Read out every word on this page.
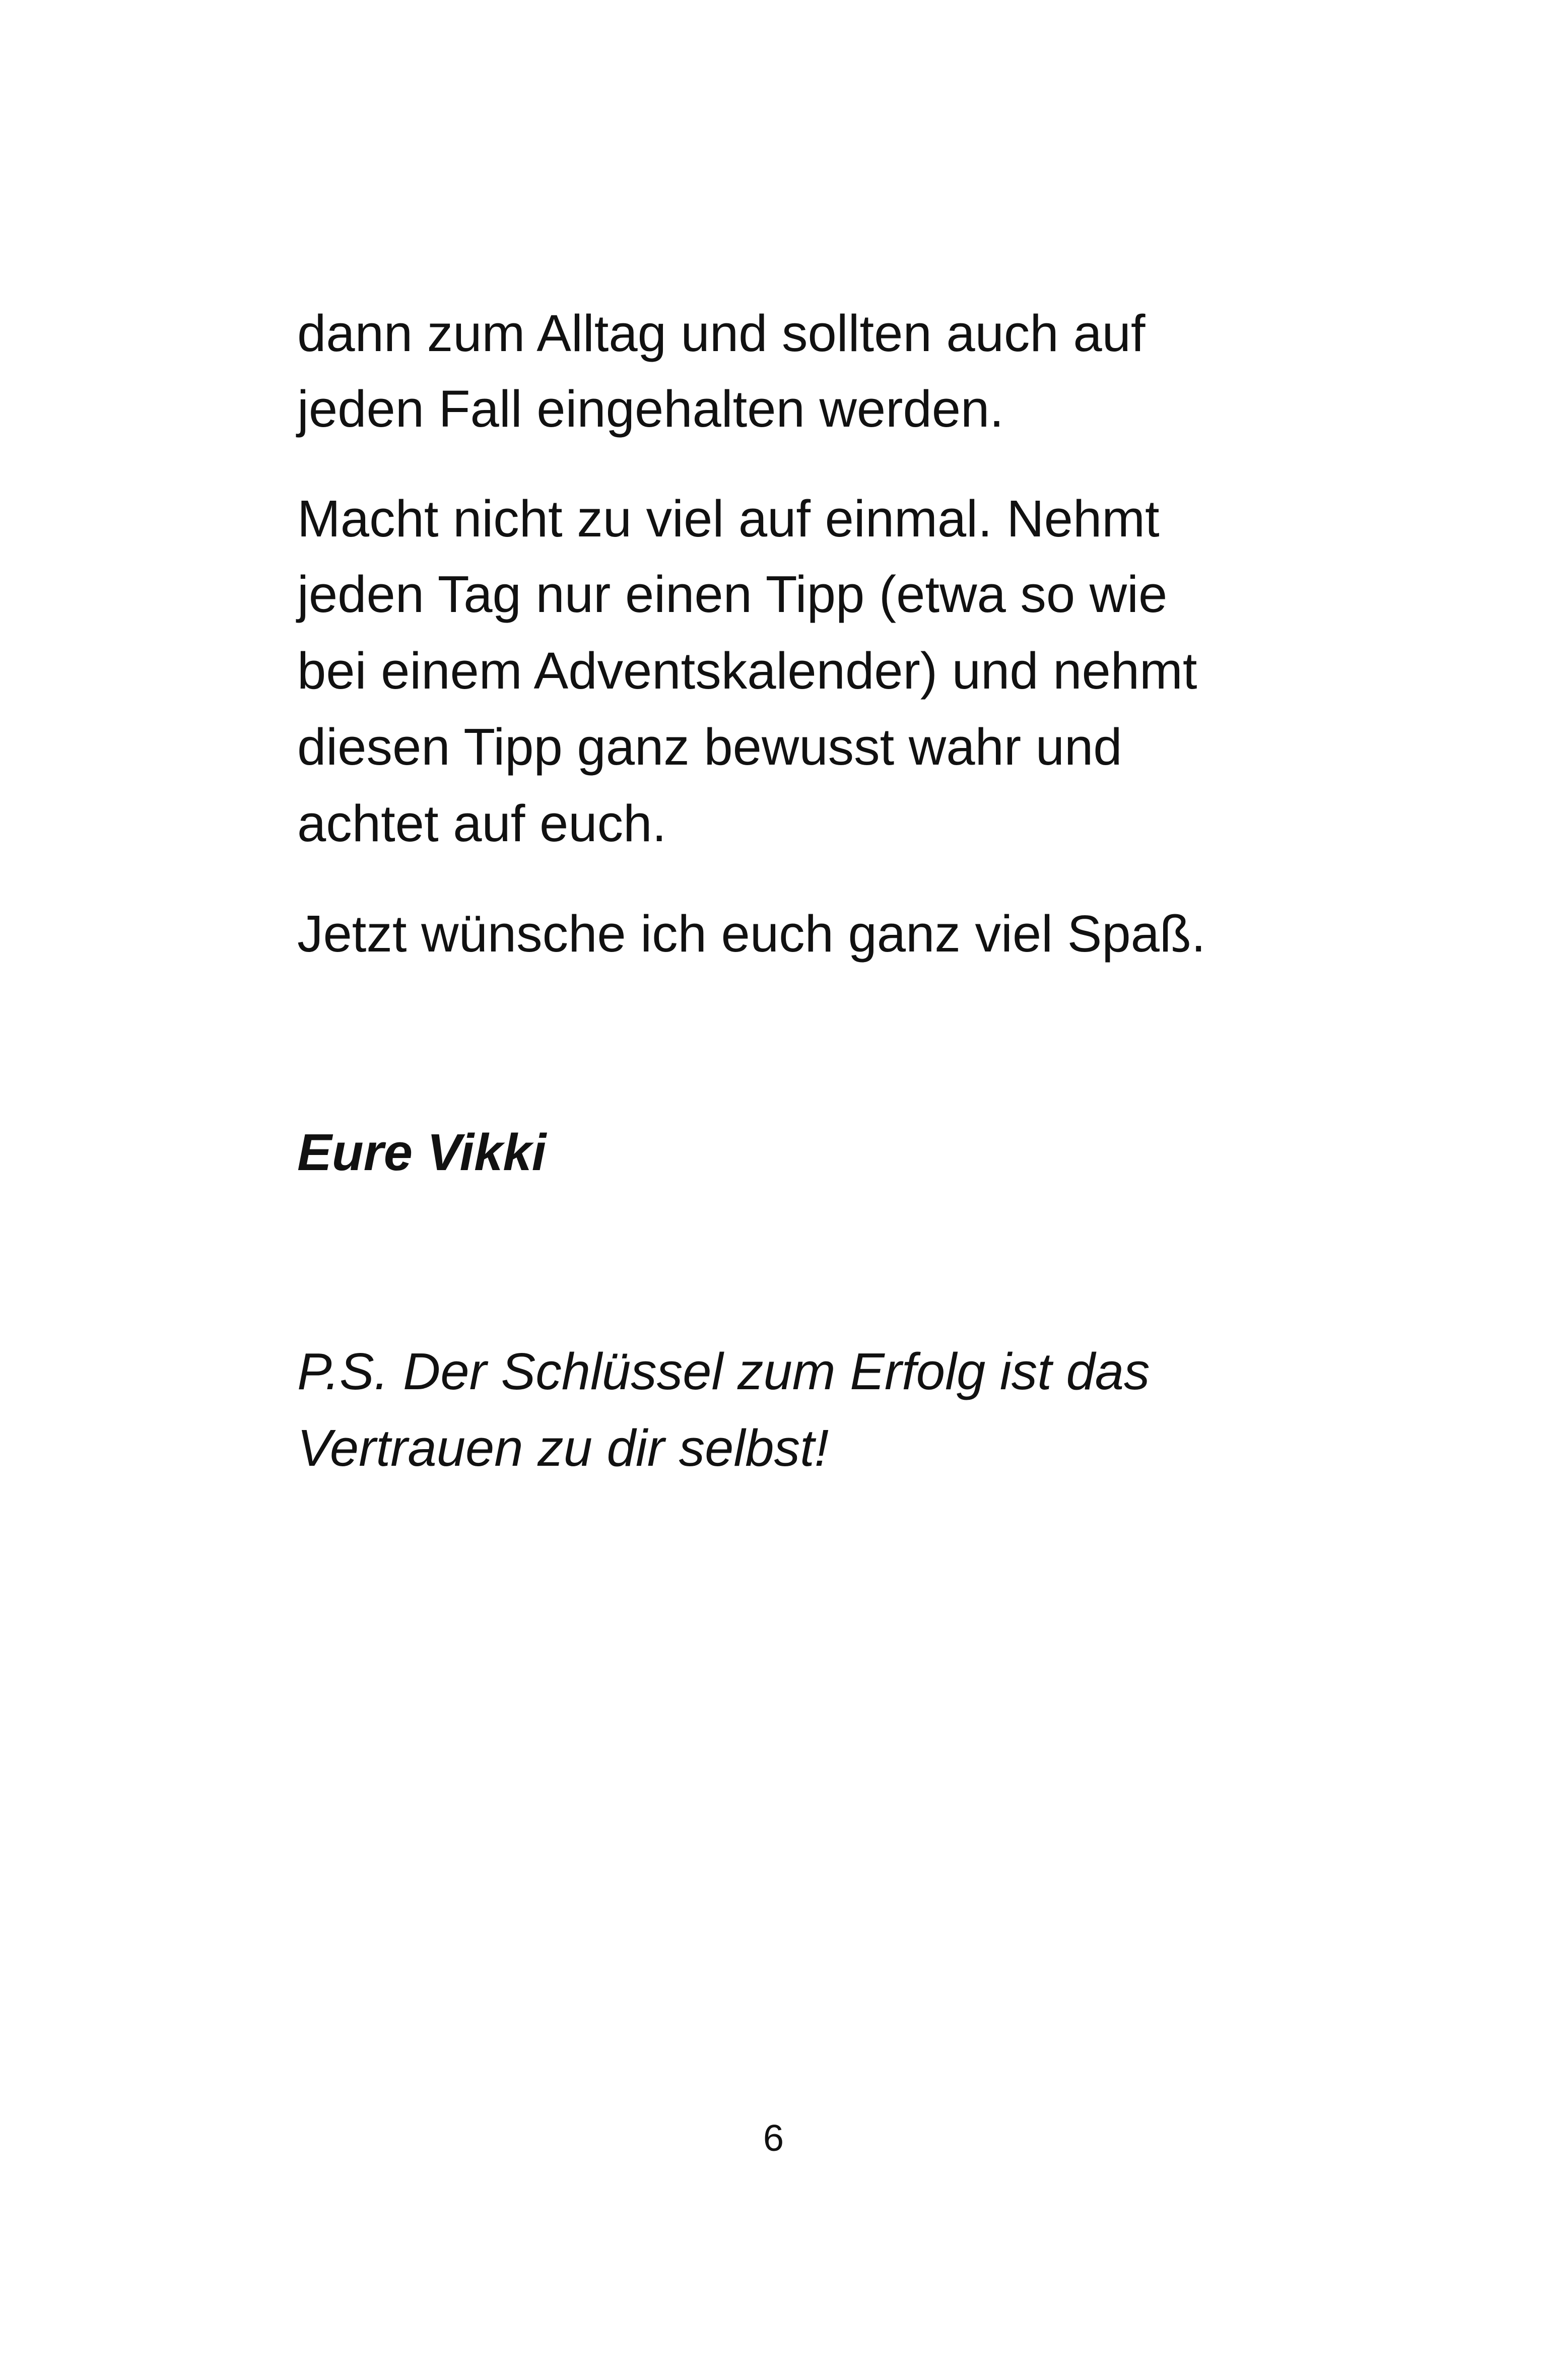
dann zum Alltag und sollten auch auf

jeden Fall eingehalten werden.

Macht nicht zu viel auf einmal. Nehmt

jeden Tag nur einen Tipp (etwa so wie

bei einem Adventskalender) und nehmt

diesen Tipp ganz bewusst wahr und

achtet auf euch.

Jetzt wünsche ich euch ganz viel Spaß.

Eure Vikki

P.S. Der Schlüssel zum Erfolg ist das

Vertrauen zu dir selbst!

6
